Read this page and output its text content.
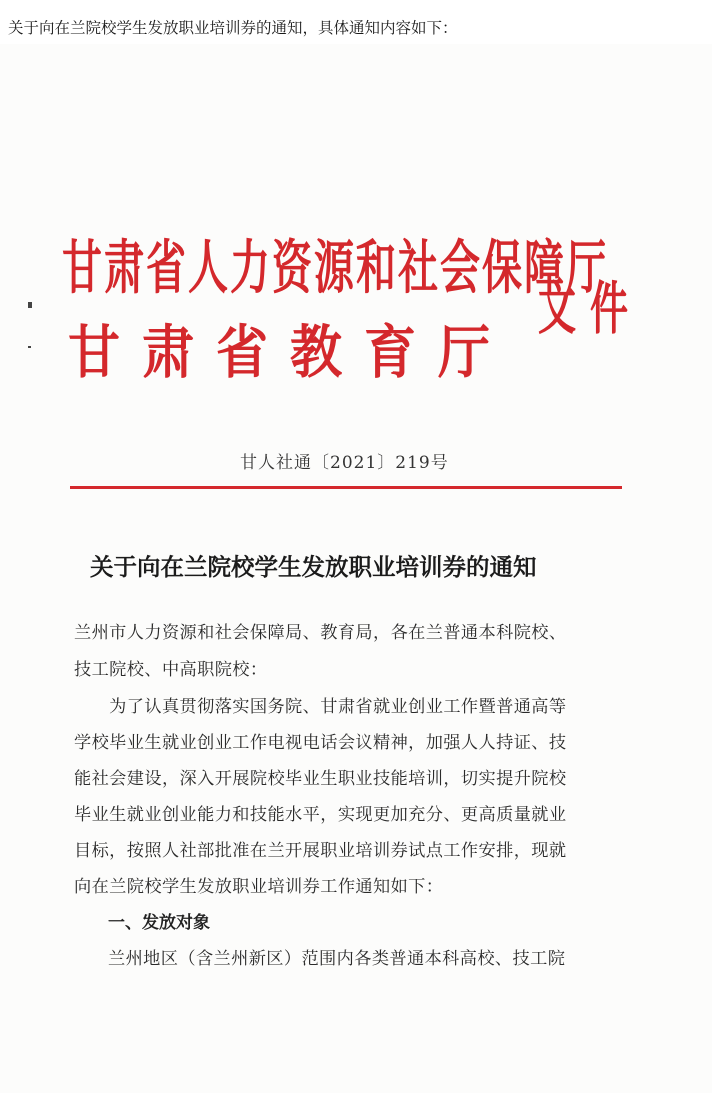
关于向在兰院校学生发放职业培训券的通知，具体通知内容如下：
甘肃省人力资源和社会保障厅
甘肃省教育厅
文件
甘人社通〔2021〕219号
关于向在兰院校学生发放职业培训券的通知
兰州市人力资源和社会保障局、教育局，各在兰普通本科院校、
技工院校、中高职院校：
　　为了认真贯彻落实国务院、甘肃省就业创业工作暨普通高等
学校毕业生就业创业工作电视电话会议精神，加强人人持证、技
能社会建设，深入开展院校毕业生职业技能培训，切实提升院校
毕业生就业创业能力和技能水平，实现更加充分、更高质量就业
目标，按照人社部批准在兰开展职业培训券试点工作安排，现就
向在兰院校学生发放职业培训券工作通知如下：
一、发放对象
兰州地区（含兰州新区）范围内各类普通本科高校、技工院
